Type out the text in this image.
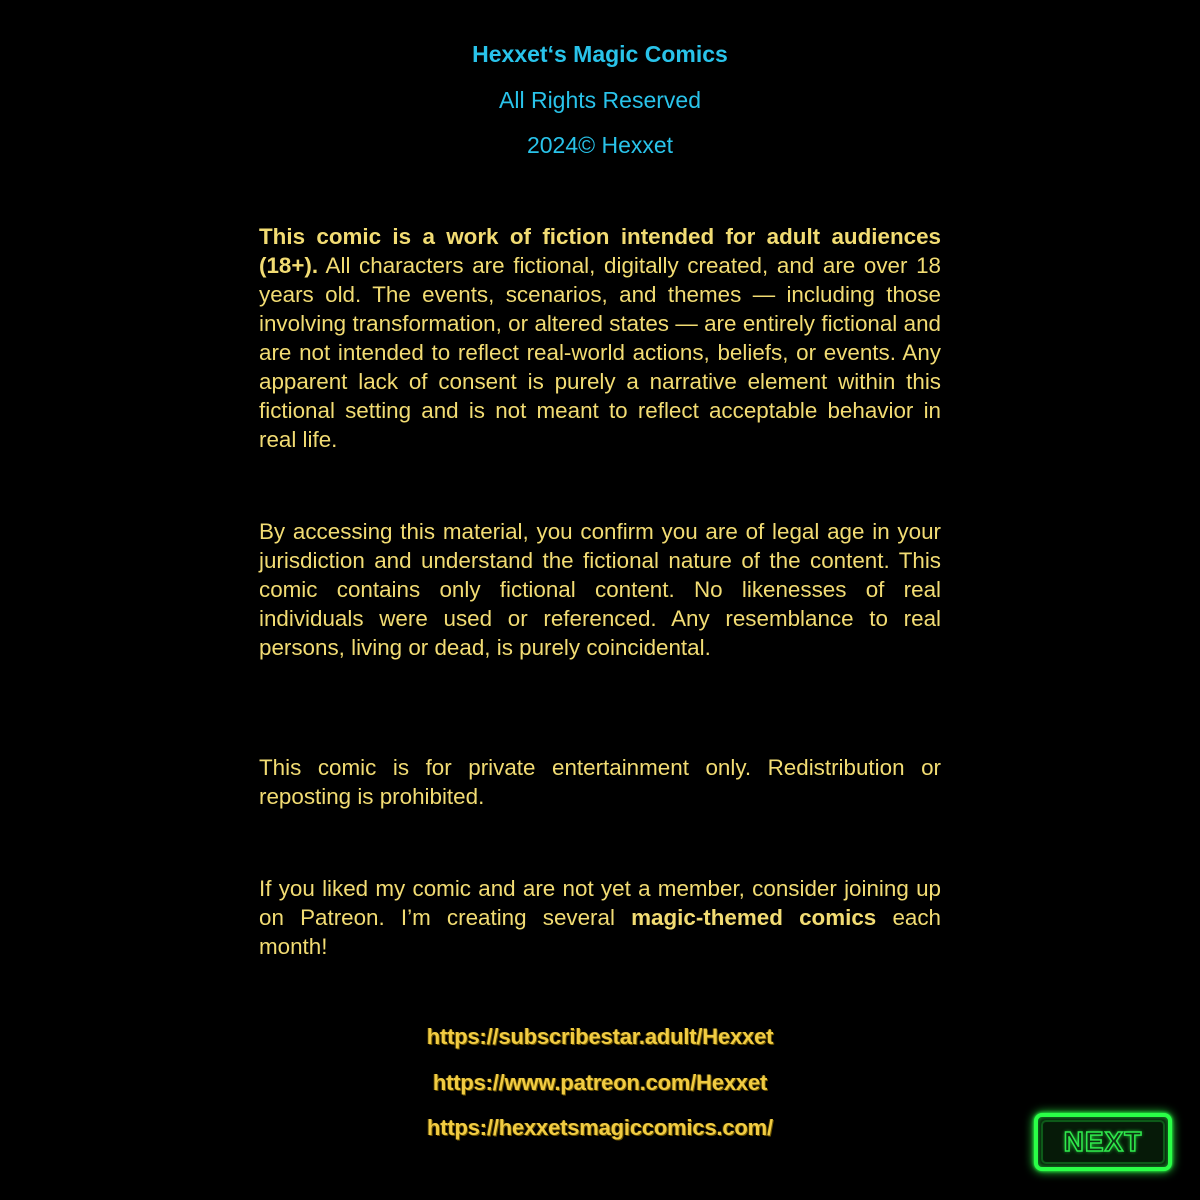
Hexxet‘s Magic Comics
All Rights Reserved
2024© Hexxet

This comic is a work of fiction intended for adult audiences (18+). All characters are fictional, digitally created, and are over 18 years old. The events, scenarios, and themes — including those involving transformation, or altered states — are entirely fictional and are not intended to reflect real-world actions, beliefs, or events. Any apparent lack of consent is purely a narrative element within this fictional setting and is not meant to reflect acceptable behavior in real life.

By accessing this material, you confirm you are of legal age in your jurisdiction and understand the fictional nature of the content. This comic contains only fictional content. No likenesses of real individuals were used or referenced. Any resemblance to real persons, living or dead, is purely coincidental.

This comic is for private entertainment only. Redistribution or reposting is prohibited.

If you liked my comic and are not yet a member, consider joining up on Patreon. I’m creating several magic-themed comics each month!

https://subscribestar.adult/Hexxet
https://www.patreon.com/Hexxet
https://hexxetsmagiccomics.com/	NEXT
